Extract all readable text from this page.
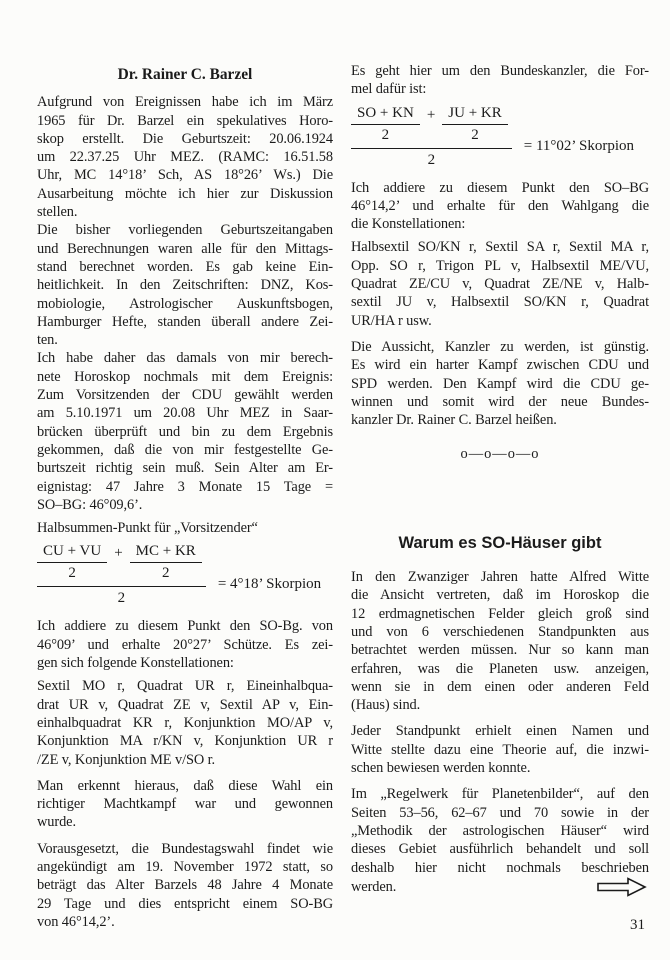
Dr. Rainer C. Barzel
Aufgrund von Ereignissen habe ich im März
1965 für Dr. Barzel ein spekulatives Horo-
skop erstellt. Die Geburtszeit: 20.06.1924
um 22.37.25 Uhr MEZ. (RAMC: 16.51.58
Uhr, MC 14°18’ Sch, AS 18°26’ Ws.) Die
Ausarbeitung möchte ich hier zur Diskussion
stellen.
Die bisher vorliegenden Geburtszeitangaben
und Berechnungen waren alle für den Mittags-
stand berechnet worden. Es gab keine Ein-
heitlichkeit. In den Zeitschriften: DNZ, Kos-
mobiologie, Astrologischer Auskunftsbogen,
Hamburger Hefte, standen überall andere Zei-
ten.
Ich habe daher das damals von mir berech-
nete Horoskop nochmals mit dem Ereignis:
Zum Vorsitzenden der CDU gewählt werden
am 5.10.1971 um 20.08 Uhr MEZ in Saar-
brücken überprüft und bin zu dem Ergebnis
gekommen, daß die von mir festgestellte Ge-
burtszeit richtig sein muß. Sein Alter am Er-
eignistag: 47 Jahre 3 Monate 15 Tage =
SO–BG: 46°09,6’.
Halbsummen-Punkt für „Vorsitzender“
$\frac{CU + VU}{2} + \frac{MC + KR}{2}$
2
= 4°18’ Skorpion
Ich addiere zu diesem Punkt den SO-Bg. von
46°09’ und erhalte 20°27’ Schütze. Es zei-
gen sich folgende Konstellationen:
Sextil MO r, Quadrat UR r, Eineinhalbqua-
drat UR v, Quadrat ZE v, Sextil AP v, Ein-
einhalbquadrat KR r, Konjunktion MO/AP v,
Konjunktion MA r/KN v, Konjunktion UR r
/ZE v, Konjunktion ME v/SO r.
Man erkennt hieraus, daß diese Wahl ein
richtiger Machtkampf war und gewonnen
wurde.
Vorausgesetzt, die Bundestagswahl findet wie
angekündigt am 19. November 1972 statt, so
beträgt das Alter Barzels 48 Jahre 4 Monate
29 Tage und dies entspricht einem SO-BG
von 46°14,2’.
Es geht hier um den Bundeskanzler, die For-
mel dafür ist:
$\frac{SO + KN}{2} + \frac{JU + KR}{2}$
2
= 11°02’ Skorpion
Ich addiere zu diesem Punkt den SO–BG
46°14,2’ und erhalte für den Wahlgang die
die Konstellationen:
Halbsextil SO/KN r, Sextil SA r, Sextil MA r,
Opp. SO r, Trigon PL v, Halbsextil ME/VU,
Quadrat ZE/CU v, Quadrat ZE/NE v, Halb-
sextil JU v, Halbsextil SO/KN r, Quadrat
UR/HA r usw.
Die Aussicht, Kanzler zu werden, ist günstig.
Es wird ein harter Kampf zwischen CDU und
SPD werden. Den Kampf wird die CDU ge-
winnen und somit wird der neue Bundes-
kanzler Dr. Rainer C. Barzel heißen.
o—o—o—o
Warum es SO-Häuser gibt
In den Zwanziger Jahren hatte Alfred Witte
die Ansicht vertreten, daß im Horoskop die
12 erdmagnetischen Felder gleich groß sind
und von 6 verschiedenen Standpunkten aus
betrachtet werden müssen. Nur so kann man
erfahren, was die Planeten usw. anzeigen,
wenn sie in dem einen oder anderen Feld
(Haus) sind.
Jeder Standpunkt erhielt einen Namen und
Witte stellte dazu eine Theorie auf, die inzwi-
schen bewiesen werden konnte.
Im „Regelwerk für Planetenbilder“, auf den
Seiten 53–56, 62–67 und 70 sowie in der
„Methodik der astrologischen Häuser“ wird
dieses Gebiet ausführlich behandelt und soll
deshalb hier nicht nochmals beschrieben
werden.
31
